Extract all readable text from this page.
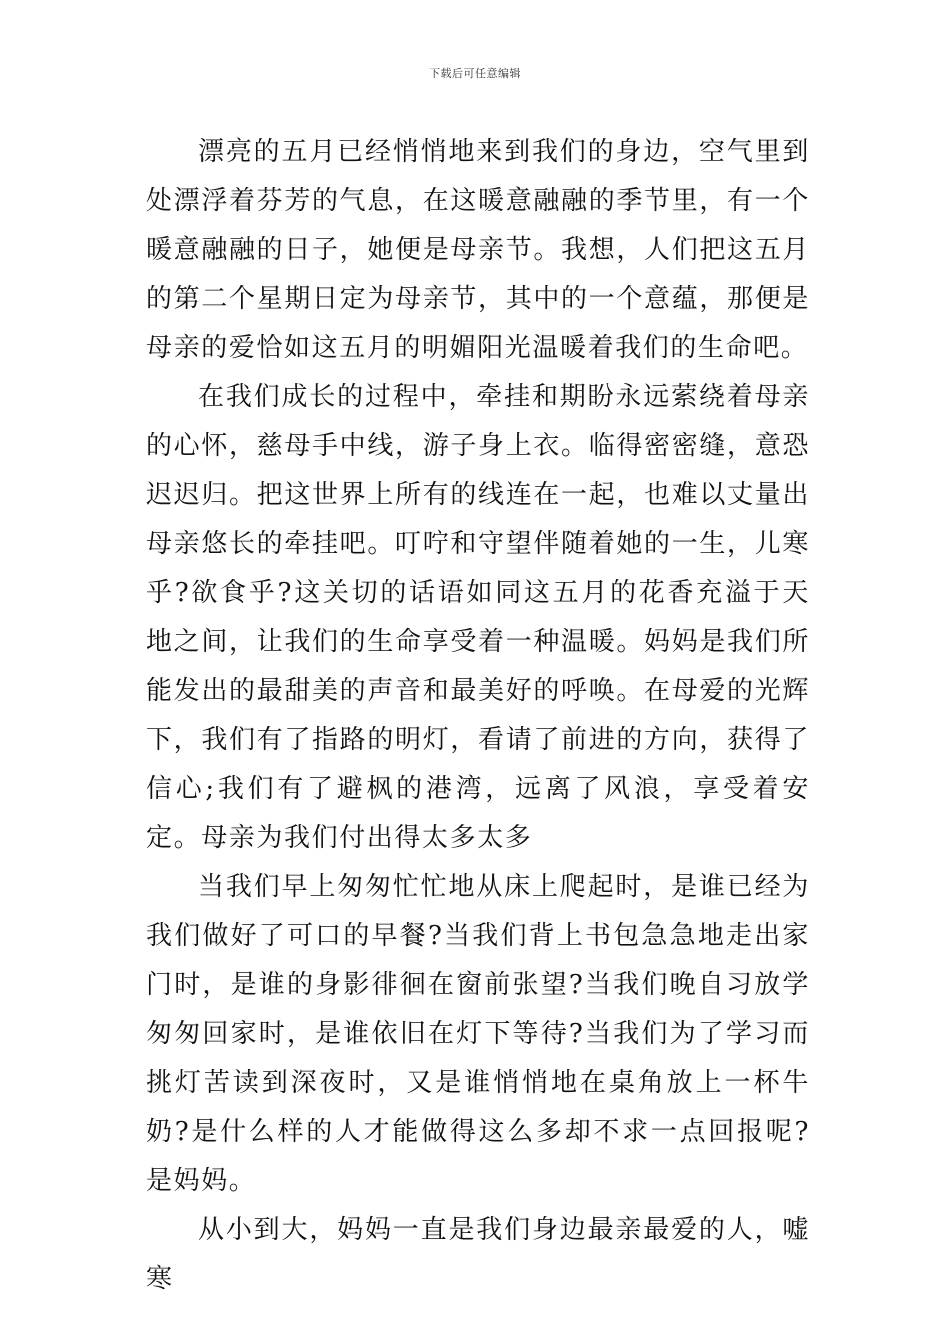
下载后可任意编辑

漂亮的五月已经悄悄地来到我们的身边，空气里到处漂浮着芬芳的气息，在这暖意融融的季节里，有一个暖意融融的日子，她便是母亲节。我想，人们把这五月的第二个星期日定为母亲节，其中的一个意蕴，那便是母亲的爱恰如这五月的明媚阳光温暖着我们的生命吧。

在我们成长的过程中，牵挂和期盼永远萦绕着母亲的心怀，慈母手中线，游子身上衣。临得密密缝，意恐迟迟归。把这世界上所有的线连在一起，也难以丈量出母亲悠长的牵挂吧。叮咛和守望伴随着她的一生，儿寒乎?欲食乎?这关切的话语如同这五月的花香充溢于天地之间，让我们的生命享受着一种温暖。妈妈是我们所能发出的最甜美的声音和最美好的呼唤。在母爱的光辉下，我们有了指路的明灯，看请了前进的方向，获得了信心;我们有了避枫的港湾，远离了风浪，享受着安定。母亲为我们付出得太多太多

当我们早上匆匆忙忙地从床上爬起时，是谁已经为我们做好了可口的早餐?当我们背上书包急急地走出家门时，是谁的身影徘徊在窗前张望?当我们晚自习放学匆匆回家时，是谁依旧在灯下等待?当我们为了学习而挑灯苦读到深夜时，又是谁悄悄地在桌角放上一杯牛奶?是什么样的人才能做得这么多却不求一点回报呢?是妈妈。

从小到大，妈妈一直是我们身边最亲最爱的人，嘘寒
